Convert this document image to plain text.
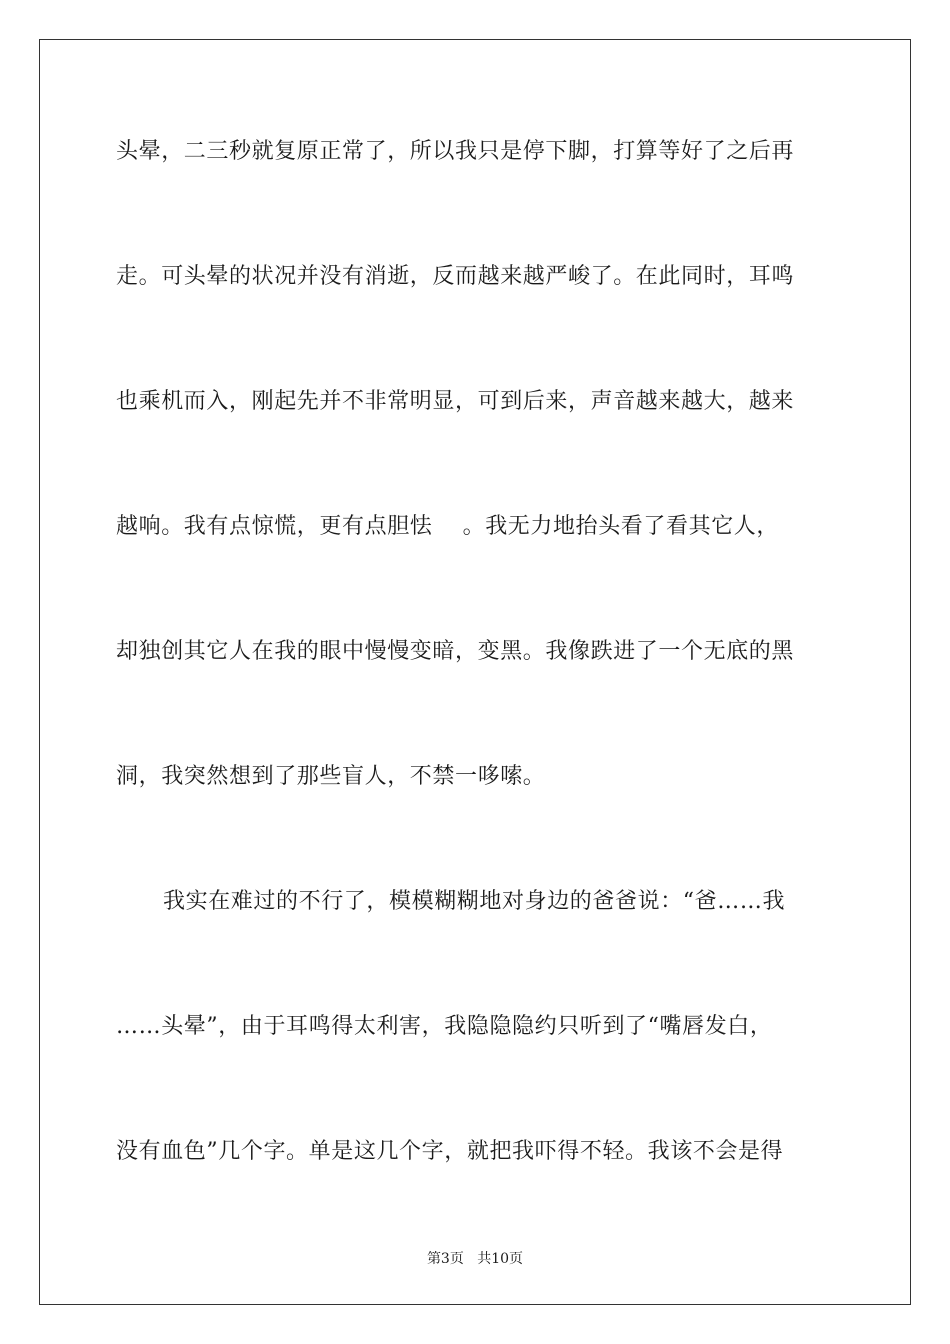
头晕，二三秒就复原正常了，所以我只是停下脚，打算等好了之后再
走。可头晕的状况并没有消逝，反而越来越严峻了。在此同时，耳鸣
也乘机而入，刚起先并不非常明显，可到后来，声音越来越大，越来
越响。我有点惊慌，更有点胆怯　 。我无力地抬头看了看其它人，
却独创其它人在我的眼中慢慢变暗，变黑。我像跌进了一个无底的黑
洞，我突然想到了那些盲人，不禁一哆嗦。
我实在难过的不行了，模模糊糊地对身边的爸爸说：“爸……我
……头晕”，由于耳鸣得太利害，我隐隐隐约只听到了“嘴唇发白，
没有血色”几个字。单是这几个字，就把我吓得不轻。我该不会是得
第3页 共10页
